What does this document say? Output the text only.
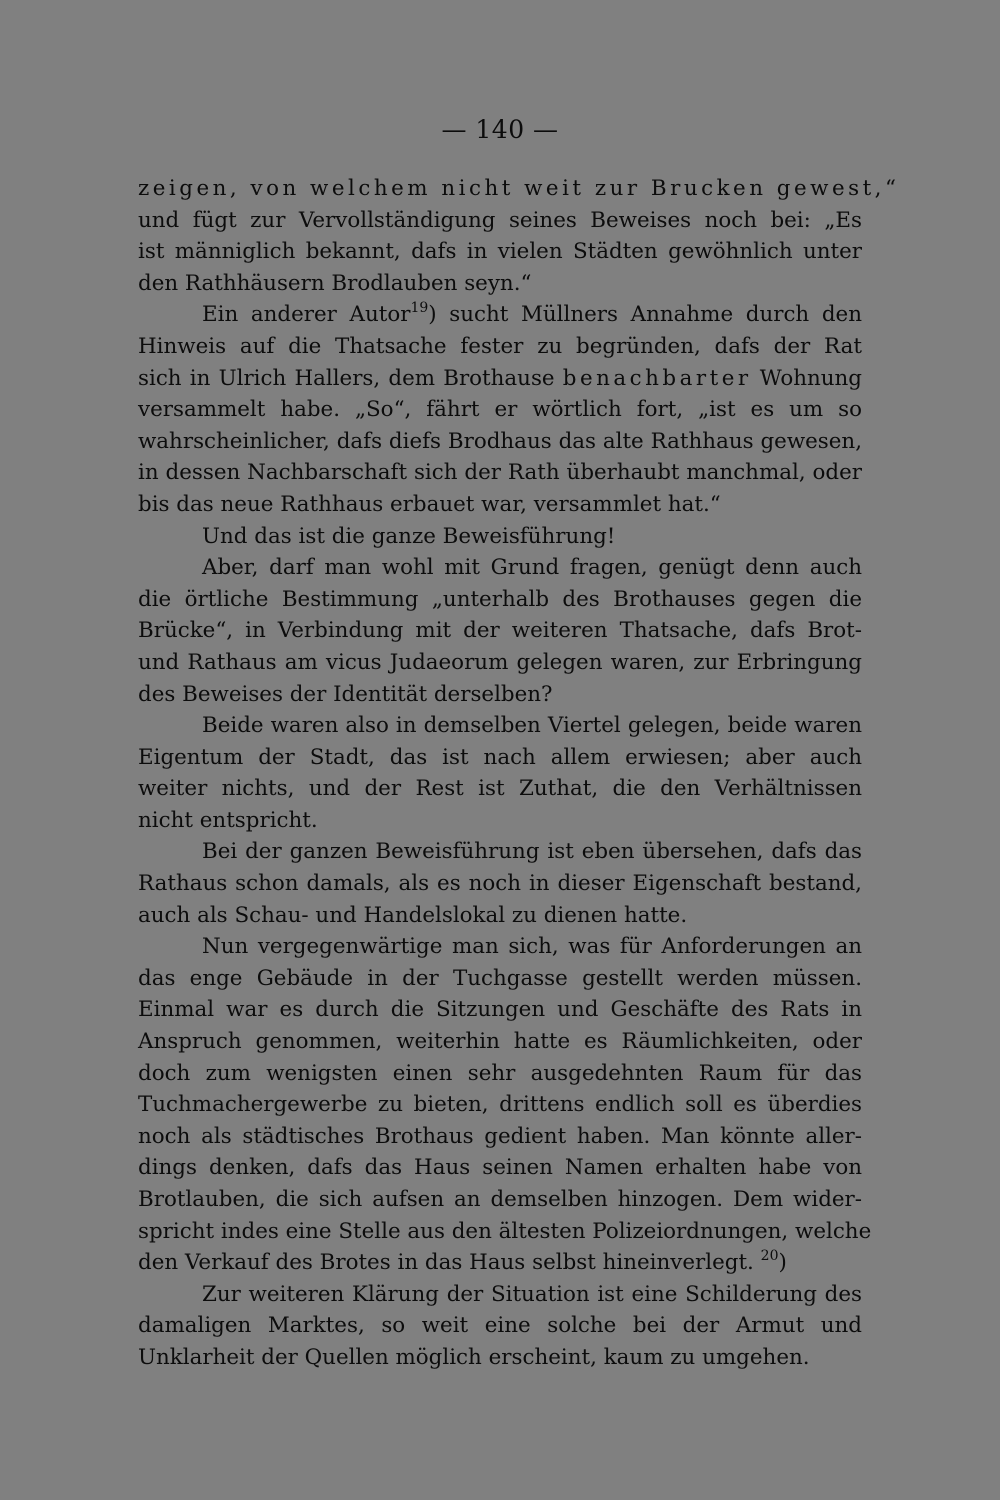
— 140 —
zeigen, von welchem nicht weit zur Brucken gewest,“
und fügt zur Vervollständigung seines Beweises noch bei: „Es
ist männiglich bekannt, dafs in vielen Städten gewöhnlich unter
den Rathhäusern Brodlauben seyn.“
Ein anderer Autor$^{19}$) sucht Müllners Annahme durch den
Hinweis auf die Thatsache fester zu begründen, dafs der Rat
sich in Ulrich Hallers, dem Brothause benachbarter Wohnung
versammelt habe. „So“, fährt er wörtlich fort, „ist es um so
wahrscheinlicher, dafs diefs Brodhaus das alte Rathhaus gewesen,
in dessen Nachbarschaft sich der Rath überhaubt manchmal, oder
bis das neue Rathhaus erbauet war, versammlet hat.“
Und das ist die ganze Beweisführung!
Aber, darf man wohl mit Grund fragen, genügt denn auch
die örtliche Bestimmung „unterhalb des Brothauses gegen die
Brücke“, in Verbindung mit der weiteren Thatsache, dafs Brot-
und Rathaus am vicus Judaeorum gelegen waren, zur Erbringung
des Beweises der Identität derselben?
Beide waren also in demselben Viertel gelegen, beide waren
Eigentum der Stadt, das ist nach allem erwiesen; aber auch
weiter nichts, und der Rest ist Zuthat, die den Verhältnissen
nicht entspricht.
Bei der ganzen Beweisführung ist eben übersehen, dafs das
Rathaus schon damals, als es noch in dieser Eigenschaft bestand,
auch als Schau- und Handelslokal zu dienen hatte.
Nun vergegenwärtige man sich, was für Anforderungen an
das enge Gebäude in der Tuchgasse gestellt werden müssen.
Einmal war es durch die Sitzungen und Geschäfte des Rats in
Anspruch genommen, weiterhin hatte es Räumlichkeiten, oder
doch zum wenigsten einen sehr ausgedehnten Raum für das
Tuchmachergewerbe zu bieten, drittens endlich soll es überdies
noch als städtisches Brothaus gedient haben. Man könnte aller-
dings denken, dafs das Haus seinen Namen erhalten habe von
Brotlauben, die sich aufsen an demselben hinzogen. Dem wider-
spricht indes eine Stelle aus den ältesten Polizeiordnungen, welche
den Verkauf des Brotes in das Haus selbst hineinverlegt. $^{20}$)
Zur weiteren Klärung der Situation ist eine Schilderung des
damaligen Marktes, so weit eine solche bei der Armut und
Unklarheit der Quellen möglich erscheint, kaum zu umgehen.
